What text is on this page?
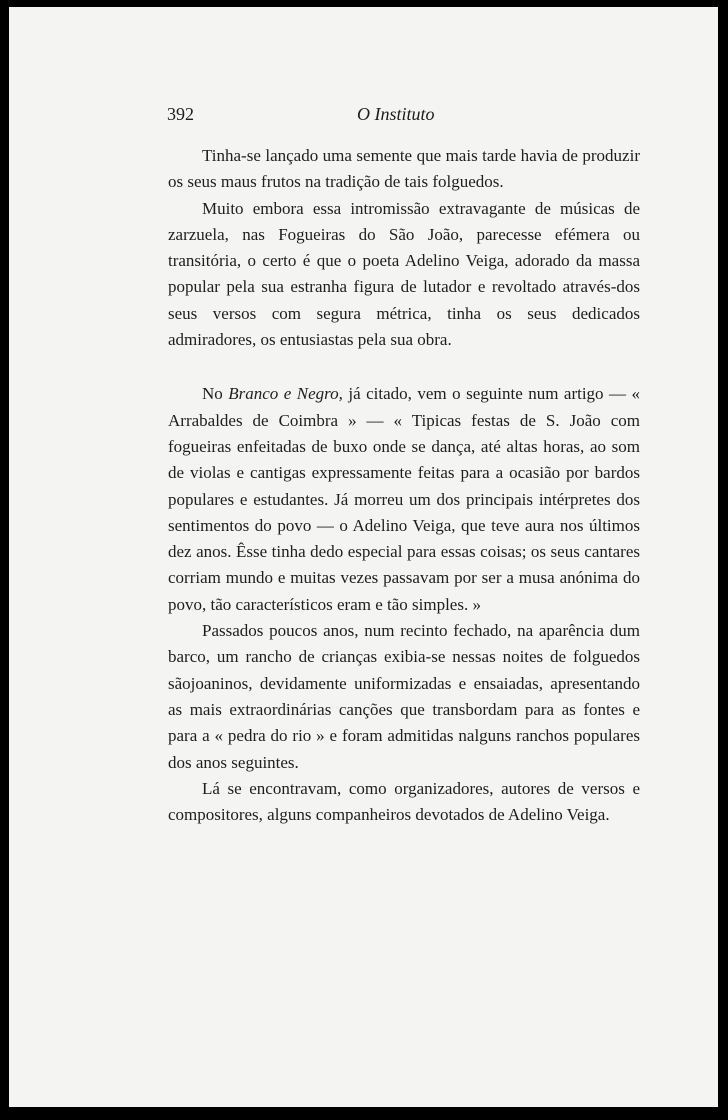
392	O Instituto

Tinha-se lançado uma semente que mais tarde havia de produzir os seus maus frutos na tradição de tais folguedos.

Muito embora essa intromissão extravagante de músicas de zarzuela, nas Fogueiras do São João, parecesse efémera ou transitória, o certo é que o poeta Adelino Veiga, adorado da massa popular pela sua estranha figura de lutador e revoltado através-dos seus versos com segura métrica, tinha os seus dedicados admiradores, os entusiastas pela sua obra.

No Branco e Negro, já citado, vem o seguinte num artigo — « Arrabaldes de Coimbra » — « Tipicas festas de S. João com fogueiras enfeitadas de buxo onde se dança, até altas horas, ao som de violas e cantigas expressamente feitas para a ocasião por bardos populares e estudantes. Já morreu um dos principais intérpretes dos sentimentos do povo — o Adelino Veiga, que teve aura nos últimos dez anos. Êsse tinha dedo especial para essas coisas; os seus cantares corriam mundo e muitas vezes passavam por ser a musa anónima do povo, tão característicos eram e tão simples. »

Passados poucos anos, num recinto fechado, na aparência dum barco, um rancho de crianças exibia-se nessas noites de folguedos sãojoaninos, devidamente uniformizadas e ensaiadas, apresentando as mais extraordinárias canções que transbordam para as fontes e para a « pedra do rio » e foram admitidas nalguns ranchos populares dos anos seguintes.

Lá se encontravam, como organizadores, autores de versos e compositores, alguns companheiros devotados de Adelino Veiga.
